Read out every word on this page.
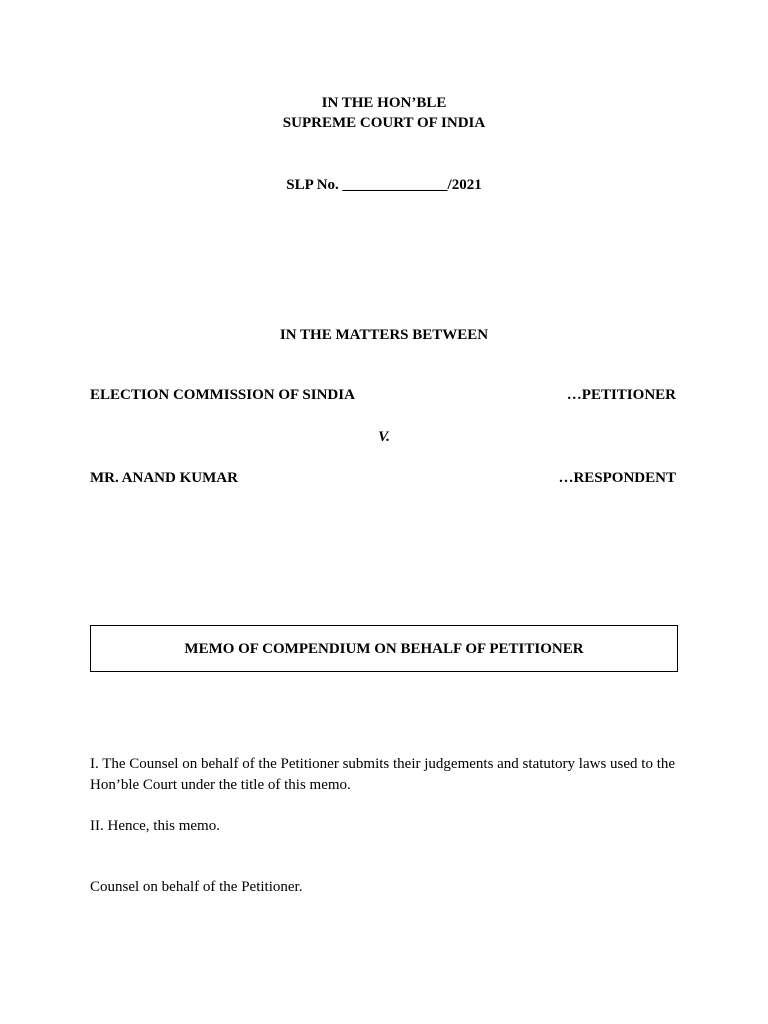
IN THE HON’BLE
SUPREME COURT OF INDIA
SLP No. ______________/2021
IN THE MATTERS BETWEEN
ELECTION COMMISSION OF SINDIA	…PETITIONER
V.
MR. ANAND KUMAR	…RESPONDENT
MEMO OF COMPENDIUM ON BEHALF OF PETITIONER
I. The Counsel on behalf of the Petitioner submits their judgements and statutory laws used to the Hon’ble Court under the title of this memo.
II. Hence, this memo.
Counsel on behalf of the Petitioner.
